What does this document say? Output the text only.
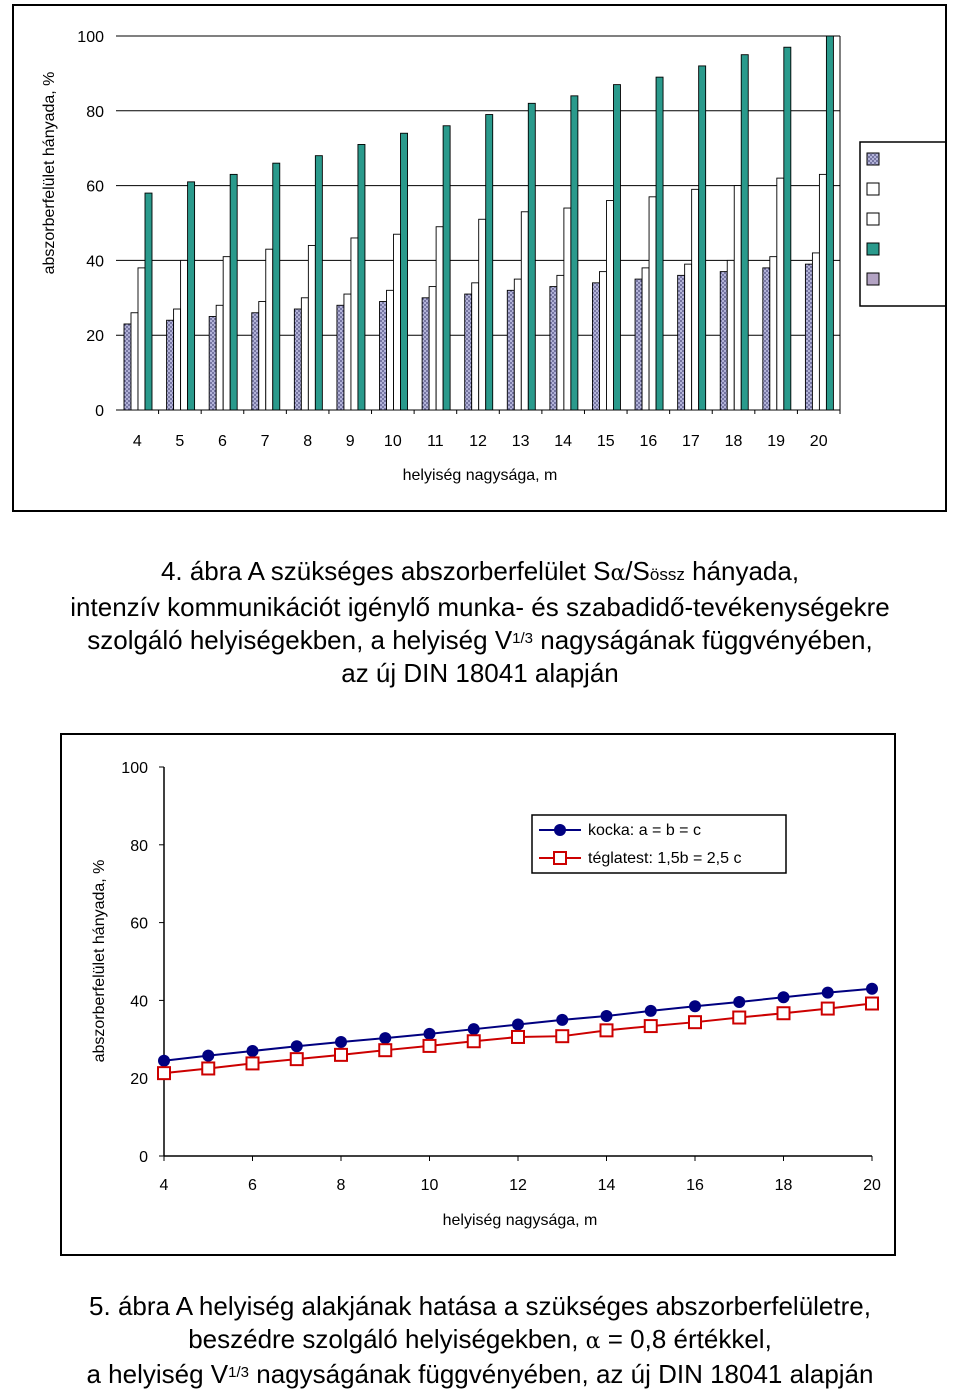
0
20
40
60
80
100
4 5 6 7 8 9 10 11 12 13 14 15 16 17 18 19 20
abszorberfelület hányada, %
helyiség nagysága, m
4. ábra A szükséges abszorberfelület Sα/Sössz hányada,
intenzív kommunikációt igénylő munka- és szabadidő-tevékenységekre
szolgáló helyiségekben, a helyiség $V^{1/3}$ nagyságának függvényében,
az új DIN 18041 alapján
0
20
40
60
80
100
4	6	8	10	12	14	16	18	20
abszorberfelület hányada, %
helyiség nagysága, m
kocka: a = b = c
téglatest: 1,5b = 2,5 c
5. ábra A helyiség alakjának hatása a szükséges abszorberfelületre,
beszédre szolgáló helyiségekben, α = 0,8 értékkel,
a helyiség $V^{1/3}$ nagyságának függvényében, az új DIN 18041 alapján
